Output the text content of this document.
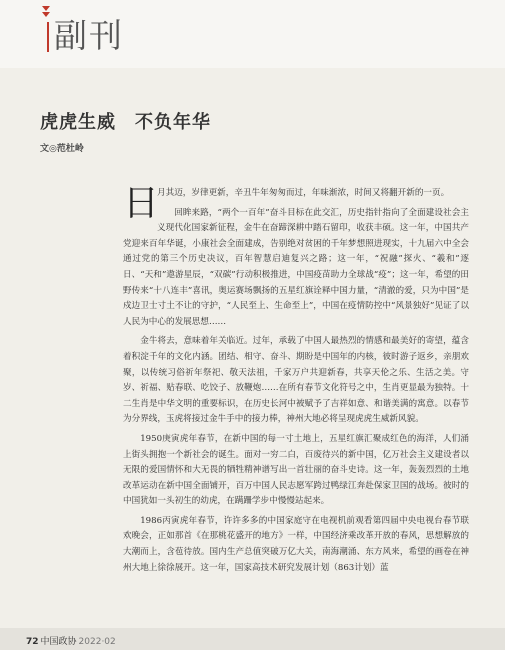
副刊
虎虎生威　不负年华
文◎范杜岭

日
月其迈，岁律更新，辛丑牛年匆匆而过，年味渐浓，时间又将翻开新的一页。

回眸来路，“两个一百年”奋斗目标在此交汇，历史指针指向了全面建设社会主义现代化国家新征程，金牛在奋蹄深耕中踏石留印，收获丰硕。这一年，中国共产党迎来百年华诞，小康社会全面建成，告别绝对贫困的千年梦想照进现实，十九届六中全会通过党的第三个历史决议，百年智慧启迪复兴之路；这一年，“祝融”探火、“羲和”逐日、“天和”遨游星辰，“双碳”行动积极推进，中国疫苗助力全球战“疫”；这一年，希望的田野传来“十八连丰”喜讯，奥运赛场飘扬的五星红旗诠释中国力量，“清澈的爱，只为中国”是戍边卫士寸土不让的守护，“人民至上、生命至上”，中国在疫情防控中“风景独好”见证了以人民为中心的发展思想……

金牛将去，意味着年关临近。过年，承载了中国人最热烈的情感和最美好的寄望，蕴含着积淀千年的文化内涵。团结、相守、奋斗、期盼是中国年的内核，彼时游子返乡，亲朋欢聚，以传统习俗祈年祭祀、敬天法祖，千家万户共迎新春，共享天伦之乐、生活之美。守岁、祈福、贴春联、吃饺子、放鞭炮……在所有春节文化符号之中，生肖更显最为独特。十二生肖是中华文明的重要标识，在历史长河中被赋予了吉祥如意、和谐美满的寓意。以春节为分界线，玉虎将接过金牛手中的接力棒，神州大地必将呈现虎虎生威新风貌。

1950庚寅虎年春节，在新中国的每一寸土地上，五星红旗汇聚成红色的海洋，人们涌上街头拥抱一个新社会的诞生。面对一穷二白，百废待兴的新中国，亿万社会主义建设者以无限的爱国情怀和大无畏的牺牲精神谱写出一首壮丽的奋斗史诗。这一年，轰轰烈烈的土地改革运动在新中国全面铺开，百万中国人民志愿军跨过鸭绿江奔赴保家卫国的战场。彼时的中国犹如一头初生的幼虎，在蹒跚学步中慢慢站起来。

1986丙寅虎年春节，许许多多的中国家庭守在电视机前观看第四届中央电视台春节联欢晚会，正如那首《在那桃花盛开的地方》一样，中国经济乘改革开放的春风，思想解放的大潮而上，含苞待放。国内生产总值突破万亿大关，南海潮涌、东方风来，希望的画卷在神州大地上徐徐展开。这一年，国家高技术研究发展计划（863计划）蓝

72 中国政协 2022·02
